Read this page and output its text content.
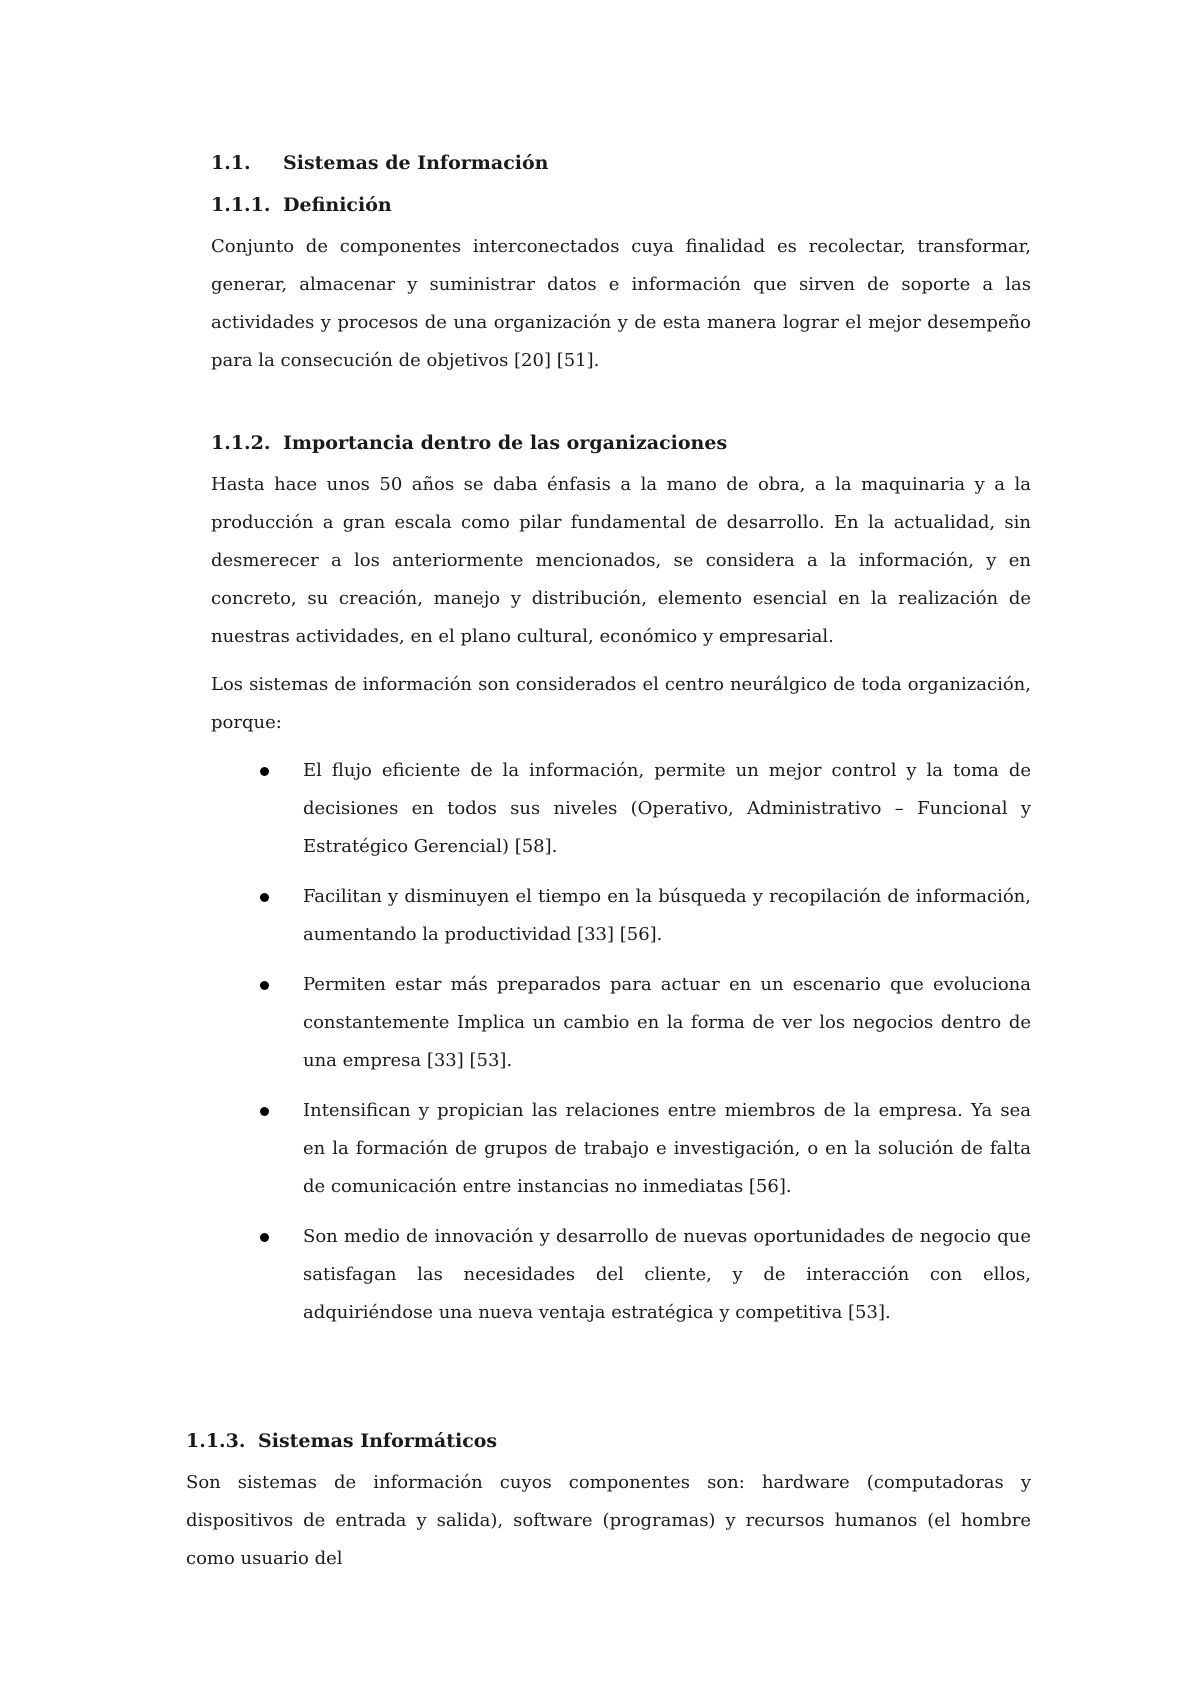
1.1.	Sistemas de Información
1.1.1. Definición

Conjunto de componentes interconectados cuya finalidad es recolectar, transformar, generar, almacenar y suministrar datos e información que sirven de soporte a las actividades y procesos de una organización y de esta manera lograr el mejor desempeño para la consecución de objetivos [20] [51].

1.1.2. Importancia dentro de las organizaciones

Hasta hace unos 50 años se daba énfasis a la mano de obra, a la maquinaria y a la producción a gran escala como pilar fundamental de desarrollo. En la actualidad, sin desmerecer a los anteriormente mencionados, se considera a la información, y en concreto, su creación, manejo y distribución, elemento esencial en la realización de nuestras actividades, en el plano cultural, económico y empresarial.

Los sistemas de información son considerados el centro neurálgico de toda organización, porque:

El flujo eficiente de la información, permite un mejor control y la toma de decisiones en todos sus niveles (Operativo, Administrativo – Funcional y Estratégico Gerencial) [58].
Facilitan y disminuyen el tiempo en la búsqueda y recopilación de información, aumentando la productividad [33] [56].
Permiten estar más preparados para actuar en un escenario que evoluciona constantemente Implica un cambio en la forma de ver los negocios dentro de una empresa [33] [53].
Intensifican y propician las relaciones entre miembros de la empresa. Ya sea en la formación de grupos de trabajo e investigación, o en la solución de falta de comunicación entre instancias no inmediatas [56].
Son medio de innovación y desarrollo de nuevas oportunidades de negocio que satisfagan las necesidades del cliente, y de interacción con ellos, adquiriéndose una nueva ventaja estratégica y competitiva [53].
1.1.3. Sistemas Informáticos

Son sistemas de información cuyos componentes son: hardware (computadoras y dispositivos de entrada y salida), software (programas) y recursos humanos (el hombre como usuario del
